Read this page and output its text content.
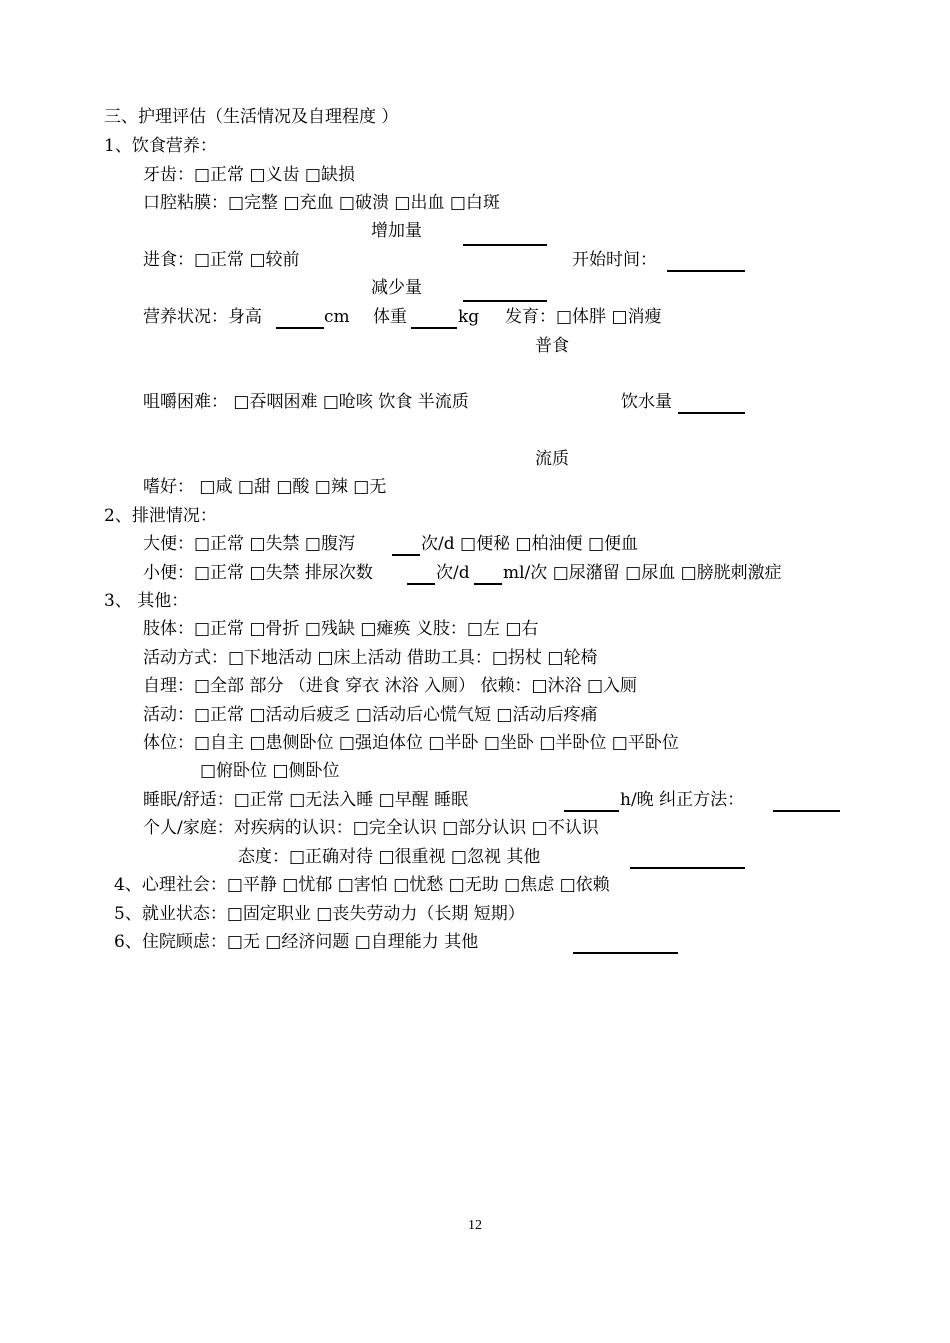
三、护理评估（生活情况及自理程度 ）
1、饮食营养：
牙齿：□正常 □义齿 □缺损
口腔粘膜：□完整 □充血 □破溃 □出血 □白斑
增加量
进食：□正常 □较前	开始时间：
减少量
营养状况：身高	cm 体重	kg 发育：□体胖 □消瘦
普食
咀嚼困难： □吞咽困难 □呛咳 饮食 半流质	饮水量
流质
嗜好： □咸 □甜 □酸 □辣 □无
2、排泄情况：
大便：□正常 □失禁 □腹泻	次/d □便秘 □柏油便 □便血
小便：□正常 □失禁 排尿次数	次/d ml/次 □尿潴留 □尿血 □膀胱刺激症
3、 其他：
肢体：□正常 □骨折 □残缺 □瘫痪 义肢：□左 □右
活动方式：□下地活动 □床上活动 借助工具：□拐杖 □轮椅
自理：□全部 部分 （进食 穿衣 沐浴 入厕） 依赖：□沐浴 □入厕
活动：□正常 □活动后疲乏 □活动后心慌气短 □活动后疼痛
体位：□自主 □患侧卧位 □强迫体位 □半卧 □坐卧 □半卧位 □平卧位
□俯卧位 □侧卧位
睡眠/舒适：□正常 □无法入睡 □早醒 睡眠	h/晚 纠正方法：
个人/家庭：对疾病的认识：□完全认识 □部分认识 □不认识
态度：□正确对待 □很重视 □忽视 其他
4、心理社会：□平静 □忧郁 □害怕 □忧愁 □无助 □焦虑 □依赖
5、就业状态：□固定职业 □丧失劳动力（长期 短期）
6、住院顾虑：□无 □经济问题 □自理能力 其他
12
